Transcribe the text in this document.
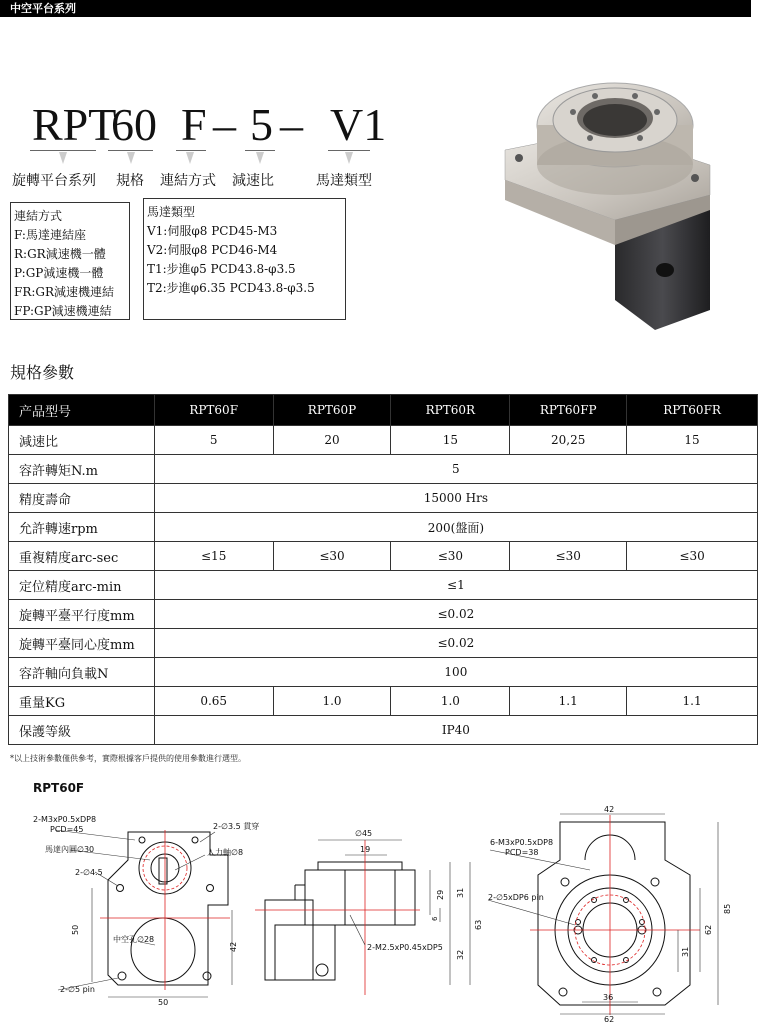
中空平台系列
RPT
60 F – 5 – V1
旋轉平台系列 規格 連結方式 減速比	馬達類型
連結方式
F:馬達連結座
R:GR減速機一體
P:GP減速機一體
FR:GR減速機連結
FP:GP減速機連結
馬達類型
V1:伺服φ8 PCD45-M3
V2:伺服φ8 PCD46-M4
T1:步進φ5 PCD43.8-φ3.5
T2:步進φ6.35 PCD43.8-φ3.5
規格參數
产品型号	RPT60F	RPT60P	RPT60R	RPT60FP	RPT60FR
減速比	5	20	15	20,25	15
容許轉矩N.m	5				
精度壽命	15000 Hrs				
允許轉速rpm	200(盤面)				
重複精度arc-sec	≤15	≤30	≤30	≤30	≤30
定位精度arc-min	≤1				
旋轉平臺平行度mm	≤0.02				
旋轉平臺同心度mm	≤0.02				
容許軸向負載N	100				
重量KG	0.65	1.0	1.0	1.1	1.1
保護等級	IP40				
*以上技術參數僅供參考，實際根據客戶提供的使用參數進行選型。
RPT60F
2-M3xP0.5xDP8
PCD=45	2-∅3.5 貫穿
馬達內圓∅30	入力軸∅8
2-∅4.5
中空孔∅28
2-∅5 pin
50
42
50
∅45
19
29 31
6
63
32
2-M2.5xP0.45xDP5
42
6-M3xP0.5xDP8
PCD=38
2-∅5xDP6 pin
85
62
31
36
62
